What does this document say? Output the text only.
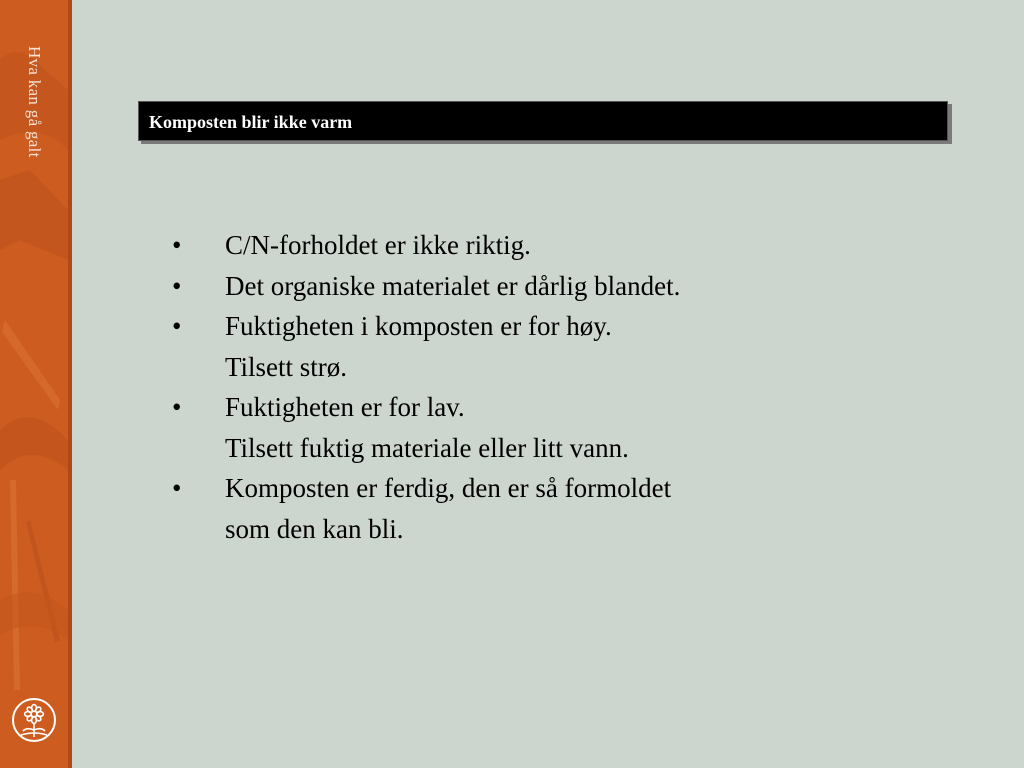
Hva kan gå galt	Komposten blir ikke varm
• C/N-forholdet er ikke riktig.
• Det organiske materialet er dårlig blandet.
• Fuktigheten i komposten er for høy.
Tilsett strø.
• Fuktigheten er for lav.
Tilsett fuktig materiale eller litt vann.
• Komposten er ferdig, den er så formoldet
som den kan bli.
